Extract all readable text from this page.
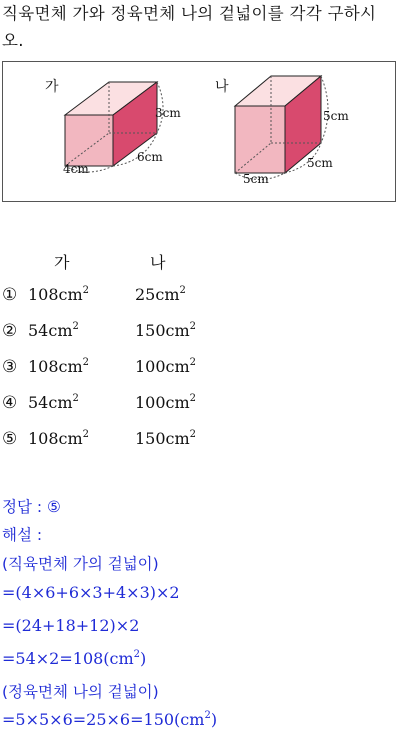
직육면체 가와 정육면체 나의 겉넓이를 각각 구하시
오.
가
3cm
6cm
4cm
나
5cm
5cm
5cm
가	나
① $108cm^2$	$25cm^2$
② $54cm^2$	$150cm^2$
③ $108cm^2$	$100cm^2$
④ $54cm^2$	$100cm^2$
⑤ $108cm^2$	$150cm^2$
정답 : ⑤
해설 :
(직육면체 가의 겉넓이)
=(4×6+6×3+4×3)×2
=(24+18+12)×2
$=54\times 2=108(cm^2)$
(정육면체 나의 겉넓이)
$=5\times 5\times 6=25\times 6=150(cm^2)$
